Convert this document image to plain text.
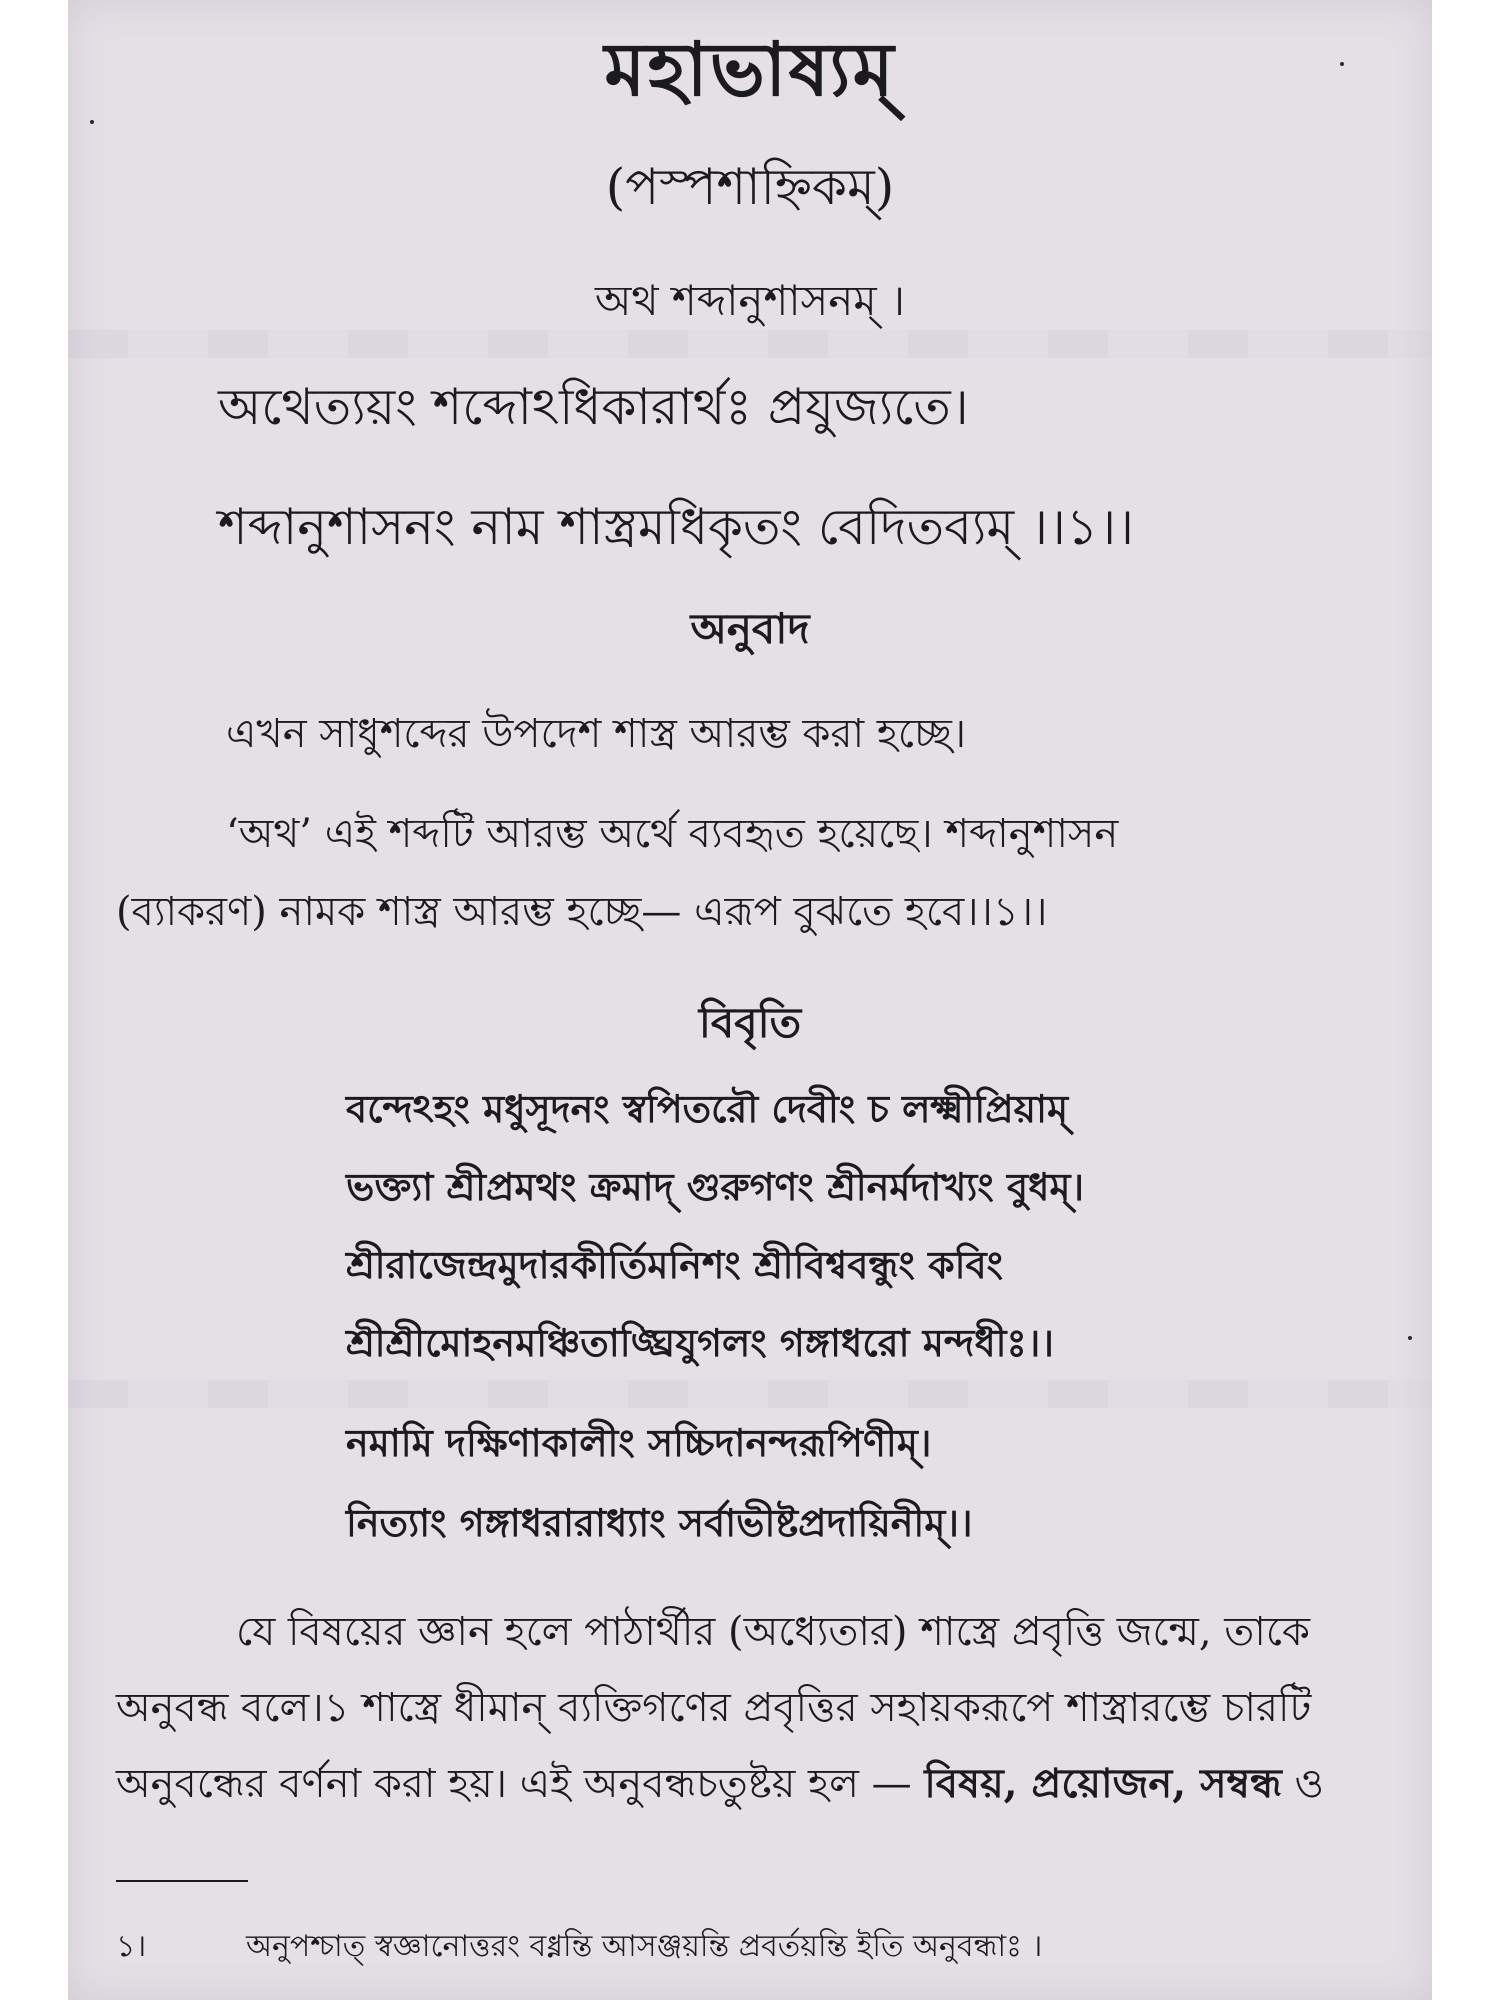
মহাভাষ্যম্
(পস্পশাহ্নিকম্)
অথ শব্দানুশাসনম্ ।
অথেত্যয়ং শব্দোঽধিকারার্থঃ প্রযুজ্যতে।
শব্দানুশাসনং নাম শাস্ত্রমধিকৃতং বেদিতব্যম্ ।।১।।
অনুবাদ
এখন সাধুশব্দের উপদেশ শাস্ত্র আরম্ভ করা হচ্ছে।
‘অথ’ এই শব্দটি আরম্ভ অর্থে ব্যবহৃত হয়েছে। শব্দানুশাসন
(ব্যাকরণ) নামক শাস্ত্র আরম্ভ হচ্ছে— এরূপ বুঝতে হবে।।১।।
বিবৃতি
বন্দেঽহং মধুসূদনং স্বপিতরৌ দেবীং চ লক্ষ্মীপ্রিয়াম্
ভক্ত্যা শ্রীপ্রমথং ক্রমাদ্ গুরুগণং শ্রীনর্মদাখ্যং বুধম্।
শ্রীরাজেন্দ্রমুদারকীর্তিমনিশং শ্রীবিশ্ববন্ধুং কবিং
শ্রীশ্রীমোহনমঞ্চিতাঙ্ঘ্রিযুগলং গঙ্গাধরো মন্দধীঃ।।
নমামি দক্ষিণাকালীং সচ্চিদানন্দরূপিণীম্।
নিত্যাং গঙ্গাধরারাধ্যাং সর্বাভীষ্টপ্রদায়িনীম্।।
যে বিষয়ের জ্ঞান হলে পাঠার্থীর (অধ্যেতার) শাস্ত্রে প্রবৃত্তি জন্মে, তাকে
অনুবন্ধ বলে।১ শাস্ত্রে ধীমান্ ব্যক্তিগণের প্রবৃত্তির সহায়করূপে শাস্ত্রারম্ভে চারটি
অনুবন্ধের বর্ণনা করা হয়। এই অনুবন্ধচতুষ্টয় হল — বিষয়, প্রয়োজন, সম্বন্ধ ও
১।	অনুপশ্চাত্ স্বজ্ঞানোত্তরং বধ্নন্তি আসঞ্জয়ন্তি প্রবর্তয়ন্তি ইতি অনুবন্ধাঃ ।
